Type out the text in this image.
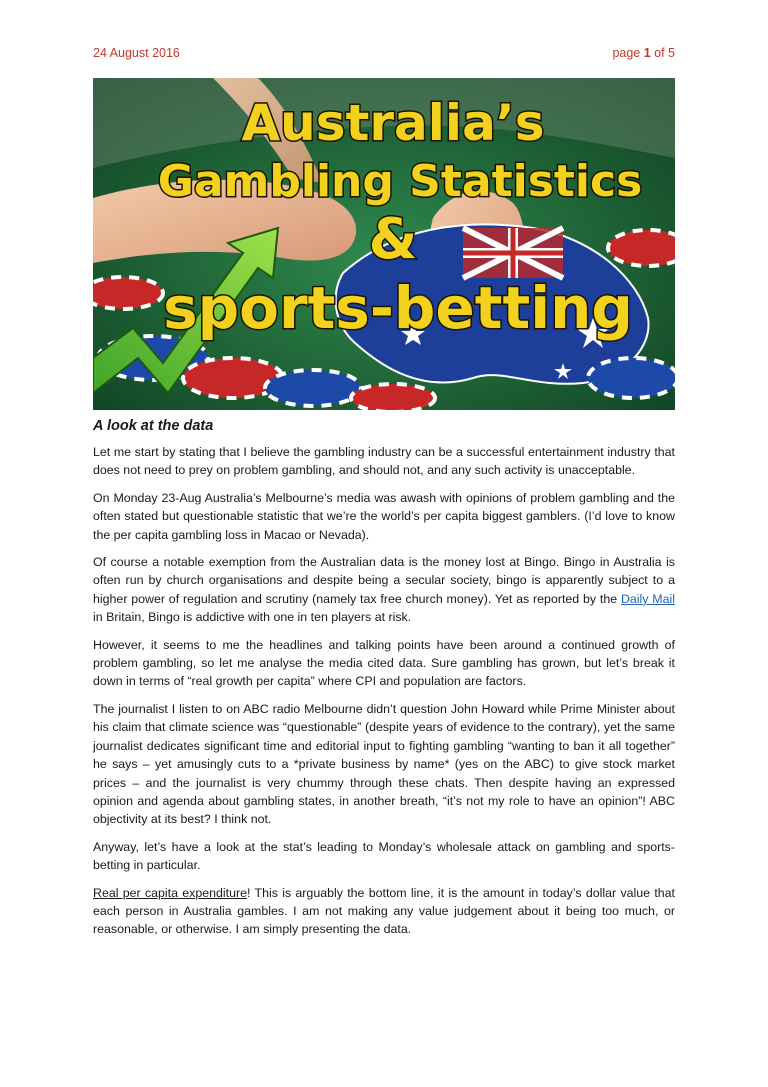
24 August 2016	page 1 of 5
Australia’s
Gambling Statistics
&
sports-betting
A look at the data

Let me start by stating that I believe the gambling industry can be a successful entertainment industry that does not need to prey on problem gambling, and should not, and any such activity is unacceptable.

On Monday 23-Aug Australia’s Melbourne’s media was awash with opinions of problem gambling and the often stated but questionable statistic that we’re the world’s per capita biggest gamblers. (I’d love to know the per capita gambling loss in Macao or Nevada).

Of course a notable exemption from the Australian data is the money lost at Bingo. Bingo in Australia is often run by church organisations and despite being a secular society, bingo is apparently subject to a higher power of regulation and scrutiny (namely tax free church money). Yet as reported by the Daily Mail in Britain, Bingo is addictive with one in ten players at risk.

However, it seems to me the headlines and talking points have been around a continued growth of problem gambling, so let me analyse the media cited data. Sure gambling has grown, but let’s break it down in terms of “real growth per capita” where CPI and population are factors.

The journalist I listen to on ABC radio Melbourne didn’t question John Howard while Prime Minister about his claim that climate science was “questionable” (despite years of evidence to the contrary), yet the same journalist dedicates significant time and editorial input to fighting gambling “wanting to ban it all together” he says – yet amusingly cuts to a *private business by name* (yes on the ABC) to give stock market prices – and the journalist is very chummy through these chats. Then despite having an expressed opinion and agenda about gambling states, in another breath, “it’s not my role to have an opinion”! ABC objectivity at its best? I think not.

Anyway, let’s have a look at the stat’s leading to Monday’s wholesale attack on gambling and sports-betting in particular.

Real per capita expenditure! This is arguably the bottom line, it is the amount in today’s dollar value that each person in Australia gambles. I am not making any value judgement about it being too much, or reasonable, or otherwise. I am simply presenting the data.
